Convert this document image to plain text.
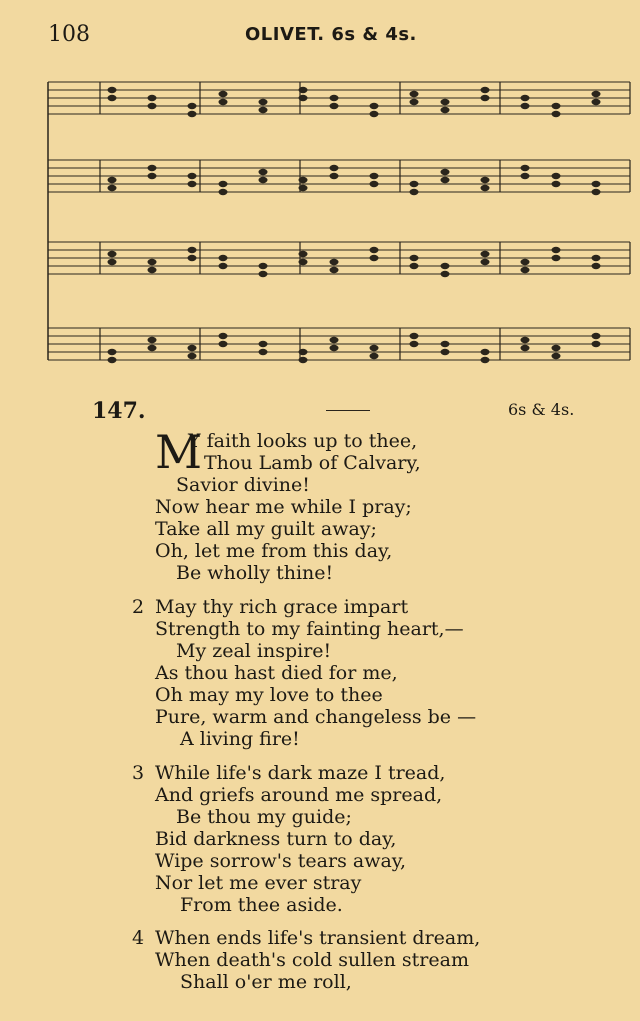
108	OLIVET. 6s & 4s.
147.	6s & 4s.
M
Y faith looks up to thee,
Thou Lamb of Calvary,
Savior divine!
Now hear me while I pray;
Take all my guilt away;
Oh, let me from this day,
Be wholly thine!
2 May thy rich grace impart
Strength to my fainting heart,—
My zeal inspire!
As thou hast died for me,
Oh may my love to thee
Pure, warm and changeless be —
A living fire!
3 While life's dark maze I tread,
And griefs around me spread,
Be thou my guide;
Bid darkness turn to day,
Wipe sorrow's tears away,
Nor let me ever stray
From thee aside.
4 When ends life's transient dream,
When death's cold sullen stream
Shall o'er me roll,
